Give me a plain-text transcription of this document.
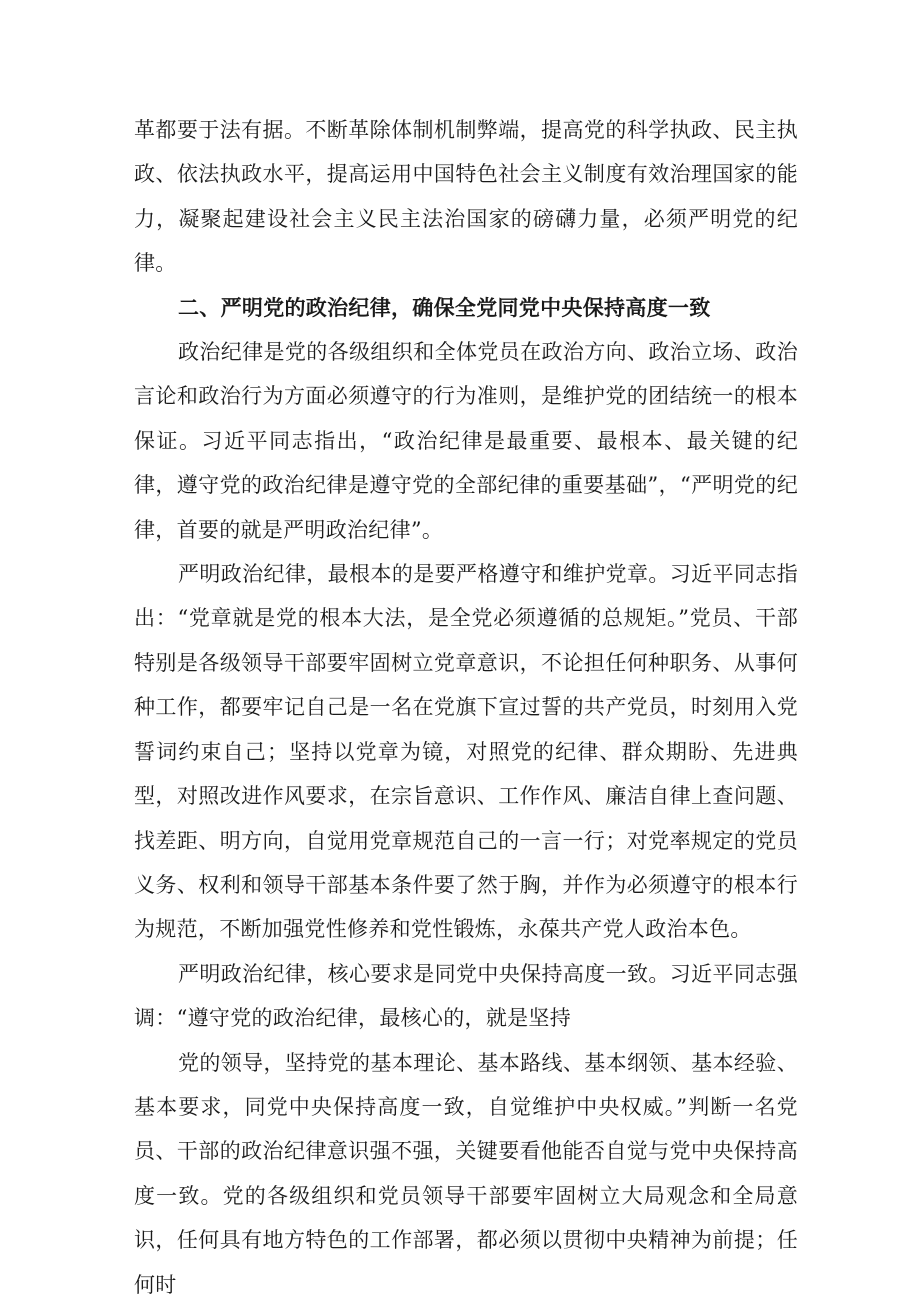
革都要于法有据。不断革除体制机制弊端，提高党的科学执政、民主执政、依法执政水平，提高运用中国特色社会主义制度有效治理国家的能力，凝聚起建设社会主义民主法治国家的磅礴力量，必须严明党的纪律。

二、严明党的政治纪律，确保全党同党中央保持高度一致

政治纪律是党的各级组织和全体党员在政治方向、政治立场、政治言论和政治行为方面必须遵守的行为准则，是维护党的团结统一的根本保证。习近平同志指出，“政治纪律是最重要、最根本、最关键的纪律，遵守党的政治纪律是遵守党的全部纪律的重要基础”，“严明党的纪律，首要的就是严明政治纪律”。

严明政治纪律，最根本的是要严格遵守和维护党章。习近平同志指出：“党章就是党的根本大法，是全党必须遵循的总规矩。”党员、干部特别是各级领导干部要牢固树立党章意识，不论担任何种职务、从事何种工作，都要牢记自己是一名在党旗下宣过誓的共产党员，时刻用入党誓词约束自己；坚持以党章为镜，对照党的纪律、群众期盼、先进典型，对照改进作风要求，在宗旨意识、工作作风、廉洁自律上查问题、找差距、明方向，自觉用党章规范自己的一言一行；对党率规定的党员义务、权利和领导干部基本条件要了然于胸，并作为必须遵守的根本行为规范，不断加强党性修养和党性锻炼，永葆共产党人政治本色。

严明政治纪律，核心要求是同党中央保持高度一致。习近平同志强调：“遵守党的政治纪律，最核心的，就是坚持

党的领导，坚持党的基本理论、基本路线、基本纲领、基本经验、基本要求，同党中央保持高度一致，自觉维护中央权威。”判断一名党员、干部的政治纪律意识强不强，关键要看他能否自觉与党中央保持高度一致。党的各级组织和党员领导干部要牢固树立大局观念和全局意识，任何具有地方特色的工作部署，都必须以贯彻中央精神为前提；任何时
